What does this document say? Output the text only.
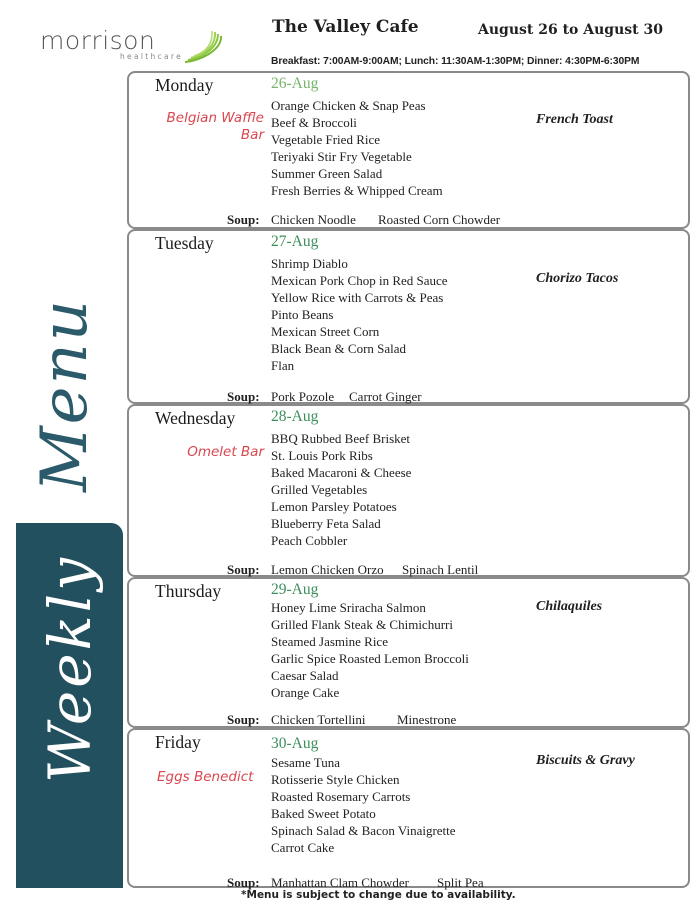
morrison
healthcare
The Valley Cafe	August 26 to August 30
Breakfast: 7:00AM-9:00AM; Lunch: 11:30AM-1:30PM; Dinner: 4:30PM-6:30PM
Menu
Weekly
Monday	26-Aug
Belgian Waffle
Bar
Orange Chicken & Snap Peas
Beef & Broccoli
Vegetable Fried Rice
Teriyaki Stir Fry Vegetable
Summer Green Salad
Fresh Berries & Whipped Cream
French Toast
Soup: Chicken Noodle Roasted Corn Chowder
Tuesday	27-Aug
Shrimp Diablo
Mexican Pork Chop in Red Sauce
Yellow Rice with Carrots & Peas
Pinto Beans
Mexican Street Corn
Black Bean & Corn Salad
Flan
Chorizo Tacos
Soup: Pork Pozole Carrot Ginger
Wednesday 28-Aug
Omelet Bar
BBQ Rubbed Beef Brisket
St. Louis Pork Ribs
Baked Macaroni & Cheese
Grilled Vegetables
Lemon Parsley Potatoes
Blueberry Feta Salad
Peach Cobbler
Soup: Lemon Chicken Orzo Spinach Lentil
Thursday	29-Aug
Honey Lime Sriracha Salmon
Grilled Flank Steak & Chimichurri
Steamed Jasmine Rice
Garlic Spice Roasted Lemon Broccoli
Caesar Salad
Orange Cake
Chilaquiles
Soup: Chicken Tortellini Minestrone
Friday	30-Aug
Eggs Benedict
Sesame Tuna
Rotisserie Style Chicken
Roasted Rosemary Carrots
Baked Sweet Potato
Spinach Salad & Bacon Vinaigrette
Carrot Cake
Biscuits & Gravy
Soup: Manhattan Clam Chowder Split Pea
*Menu is subject to change due to availability.
